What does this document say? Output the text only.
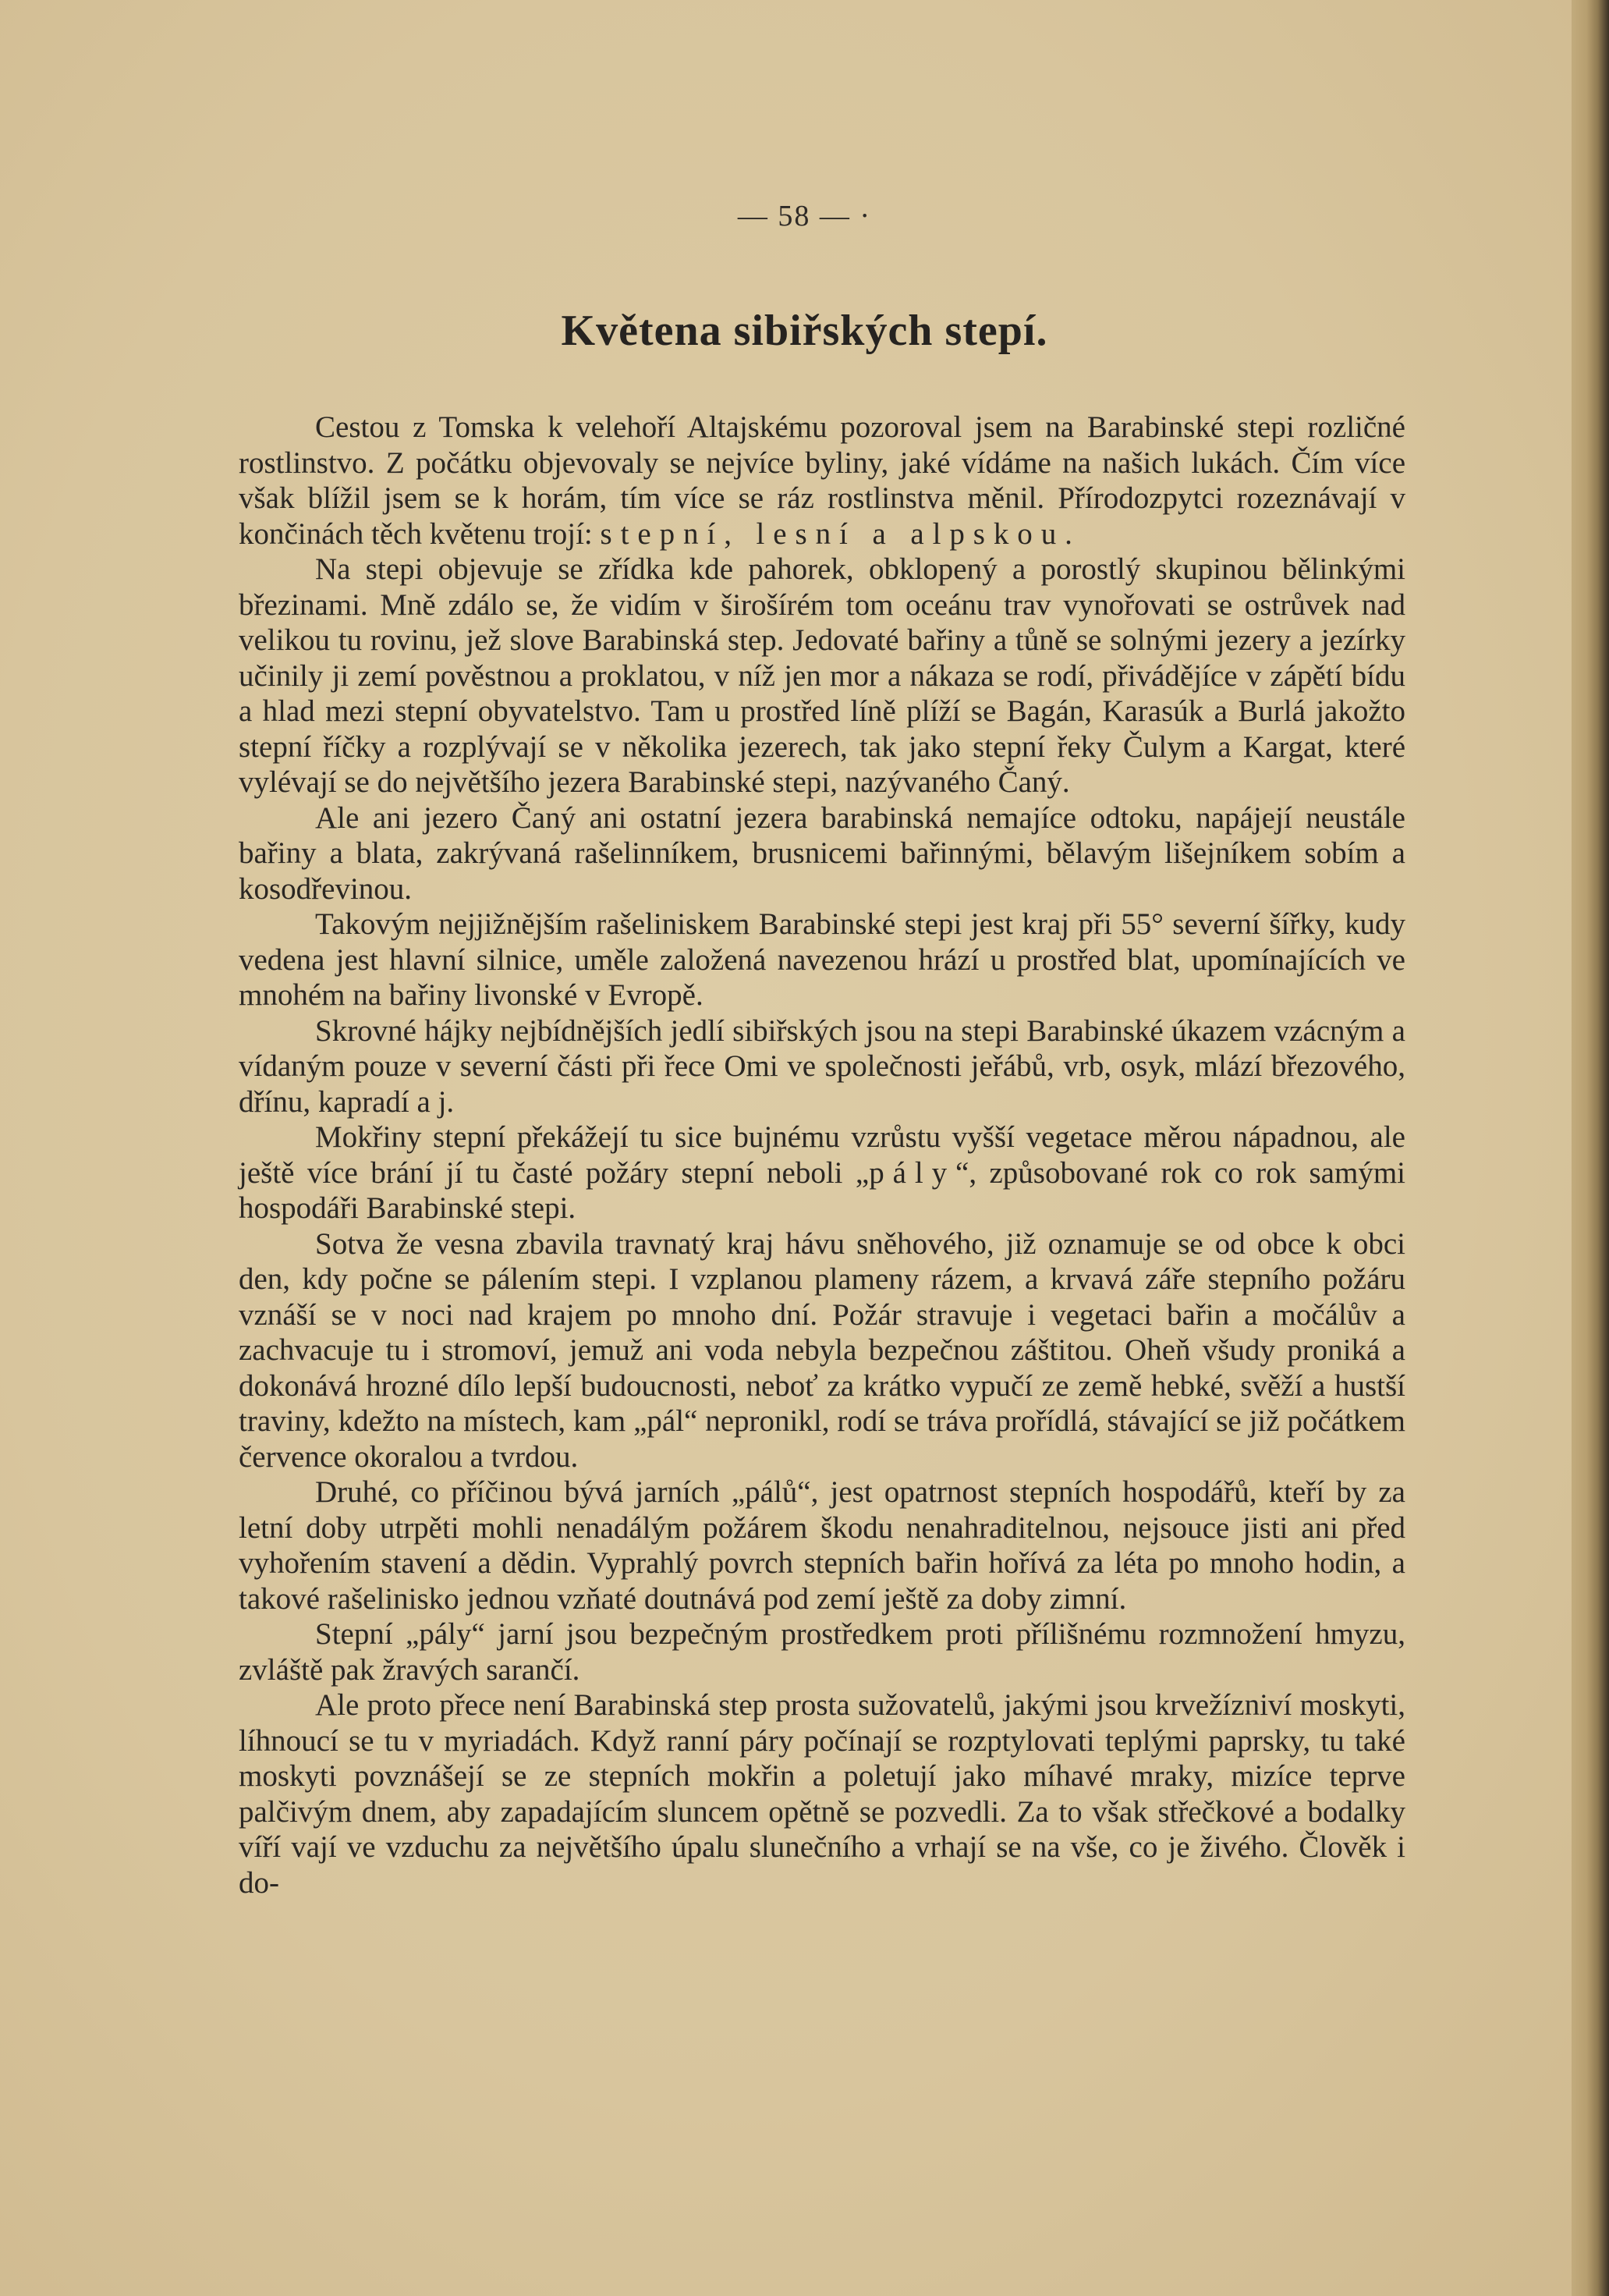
— 58 — ·
Květena sibiřských stepí.

Cestou z Tomska k velehoří Altajskému pozoroval jsem na Barabinské stepi rozličné rostlinstvo. Z počátku objevovaly se nejvíce byliny, jaké vídáme na našich lukách. Čím více však blížil jsem se k horám, tím více se ráz rostlinstva měnil. Přírodozpytci rozeznávají v končinách těch květenu trojí: stepní, lesní a alpskou.

Na stepi objevuje se zřídka kde pahorek, obklopený a porostlý skupinou bělinkými březinami. Mně zdálo se, že vidím v širošírém tom oceánu trav vynořovati se ostrůvek nad velikou tu rovinu, jež slove Barabinská step. Jedovaté bařiny a tůně se solnými jezery a jezírky učinily ji zemí pověstnou a proklatou, v níž jen mor a nákaza se rodí, přivádějíce v zápětí bídu a hlad mezi stepní obyvatelstvo. Tam u prostřed líně plíží se Bagán, Karasúk a Burlá jakožto stepní říčky a rozplývají se v několika jezerech, tak jako stepní řeky Čulym a Kargat, které vylévají se do největšího jezera Barabinské stepi, nazývaného Čaný.

Ale ani jezero Čaný ani ostatní jezera barabinská nemajíce odtoku, napájejí neustále bařiny a blata, zakrývaná rašelinníkem, brusnicemi bařinnými, bělavým lišejníkem sobím a kosodřevinou.

Takovým nejjižnějším rašeliniskem Barabinské stepi jest kraj při 55° severní šířky, kudy vedena jest hlavní silnice, uměle založená navezenou hrází u prostřed blat, upomínajících ve mnohém na bařiny livonské v Evropě.

Skrovné hájky nejbídnějších jedlí sibiřských jsou na stepi Barabinské úkazem vzácným a vídaným pouze v severní části při řece Omi ve společnosti jeřábů, vrb, osyk, mlází březového, dřínu, kapradí a j.

Mokřiny stepní překážejí tu sice bujnému vzrůstu vyšší vegetace měrou nápadnou, ale ještě více brání jí tu časté požáry stepní neboli „pály“, způsobované rok co rok samými hospodáři Barabinské stepi.

Sotva že vesna zbavila travnatý kraj hávu sněhového, již oznamuje se od obce k obci den, kdy počne se pálením stepi. I vzplanou plameny rázem, a krvavá záře stepního požáru vznáší se v noci nad krajem po mnoho dní. Požár stravuje i vegetaci bařin a močálův a zachvacuje tu i stromoví, jemuž ani voda nebyla bezpečnou záštitou. Oheň všudy proniká a dokonává hrozné dílo lepší budoucnosti, neboť za krátko vypučí ze země hebké, svěží a hustší traviny, kdežto na místech, kam „pál“ nepronikl, rodí se tráva prořídlá, stávající se již počátkem července okoralou a tvrdou.

Druhé, co příčinou bývá jarních „pálů“, jest opatrnost stepních hospodářů, kteří by za letní doby utrpěti mohli nenadálým požárem škodu nenahraditelnou, nejsouce jisti ani před vyhořením stavení a dědin. Vyprahlý povrch stepních bařin hořívá za léta po mnoho hodin, a takové rašelinisko jednou vzňaté doutnává pod zemí ještě za doby zimní.

Stepní „pály“ jarní jsou bezpečným prostředkem proti přílišnému rozmnožení hmyzu, zvláště pak žravých sarančí.

Ale proto přece není Barabinská step prosta sužovatelů, jakými jsou krvežízniví moskyti, líhnoucí se tu v myriadách. Když ranní páry počínají se rozptylovati teplými paprsky, tu také moskyti povznášejí se ze stepních mokřin a poletují jako míhavé mraky, mizíce teprve palčivým dnem, aby zapadajícím sluncem opětně se pozvedli. Za to však střečkové a bodalky víří vají ve vzduchu za největšího úpalu slunečního a vrhají se na vše, co je živého. Člověk i do-
